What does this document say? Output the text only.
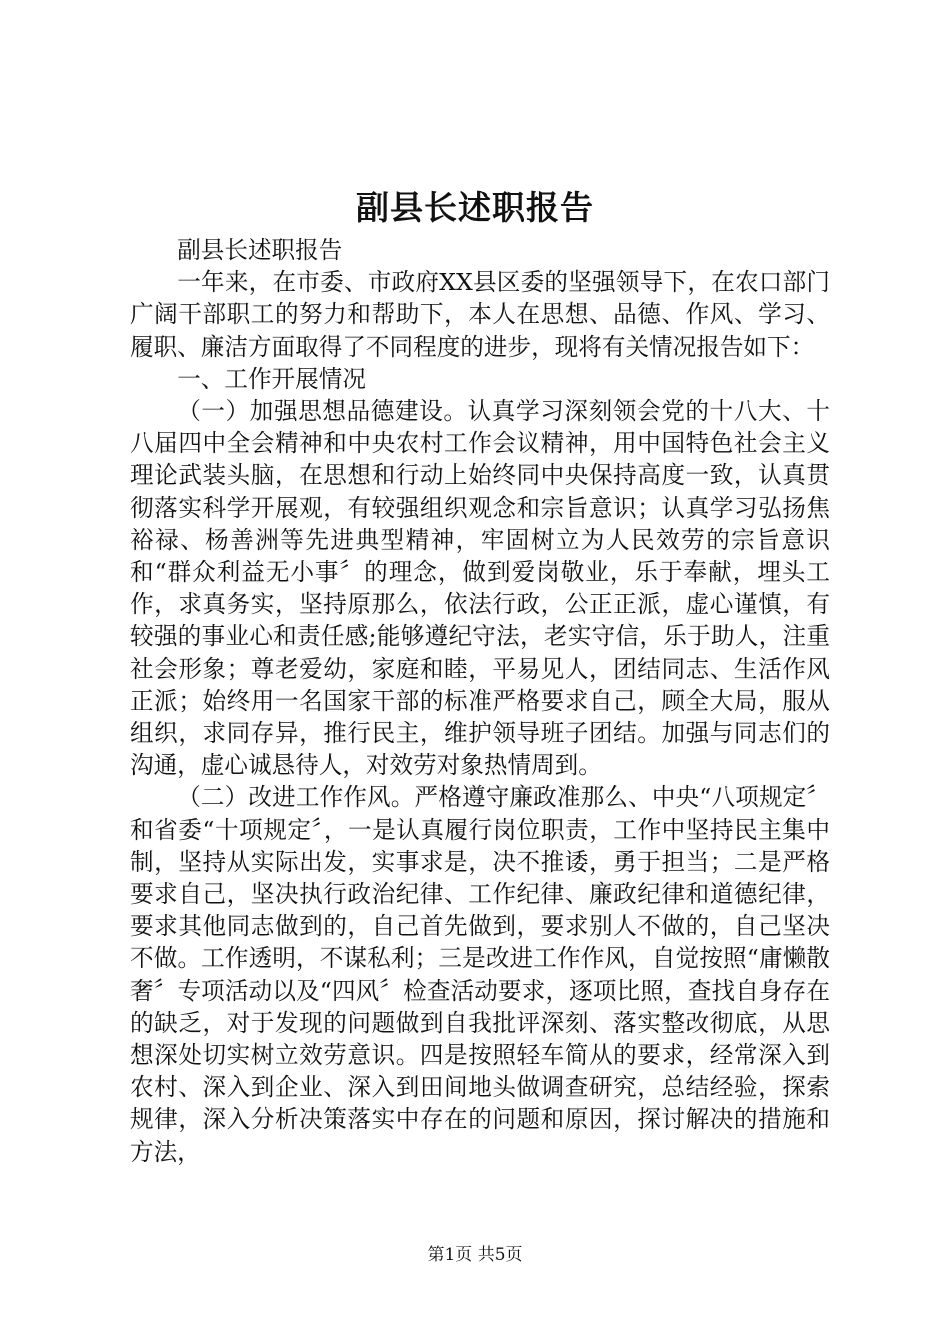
副县长述职报告

副县长述职报告

一年来，在市委、市政府XX县区委的坚强领导下，在农口部门广阔干部职工的努力和帮助下，本人在思想、品德、作风、学习、履职、廉洁方面取得了不同程度的进步，现将有关情况报告如下：

一、工作开展情况

（一）加强思想品德建设。认真学习深刻领会党的十八大、十八届四中全会精神和中央农村工作会议精神，用中国特色社会主义理论武装头脑，在思想和行动上始终同中央保持高度一致，认真贯彻落实科学开展观，有较强组织观念和宗旨意识；认真学习弘扬焦裕禄、杨善洲等先进典型精神，牢固树立为人民效劳的宗旨意识和“群众利益无小事〞的理念，做到爱岗敬业，乐于奉献，埋头工作，求真务实，坚持原那么，依法行政，公正正派，虚心谨慎，有较强的事业心和责任感;能够遵纪守法，老实守信，乐于助人，注重社会形象；尊老爱幼，家庭和睦，平易见人，团结同志、生活作风正派；始终用一名国家干部的标准严格要求自己，顾全大局，服从组织，求同存异，推行民主，维护领导班子团结。加强与同志们的沟通，虚心诚恳待人，对效劳对象热情周到。

（二）改进工作作风。严格遵守廉政准那么、中央“八项规定〞和省委“十项规定〞，一是认真履行岗位职责，工作中坚持民主集中制，坚持从实际出发，实事求是，决不推诿，勇于担当；二是严格要求自己，坚决执行政治纪律、工作纪律、廉政纪律和道德纪律，要求其他同志做到的，自己首先做到，要求别人不做的，自己坚决不做。工作透明，不谋私利；三是改进工作作风，自觉按照“庸懒散奢〞专项活动以及“四风〞检查活动要求，逐项比照，查找自身存在的缺乏，对于发现的问题做到自我批评深刻、落实整改彻底，从思想深处切实树立效劳意识。四是按照轻车简从的要求，经常深入到农村、深入到企业、深入到田间地头做调查研究，总结经验，探索规律，深入分析决策落实中存在的问题和原因，探讨解决的措施和方法，

第1页 共5页
